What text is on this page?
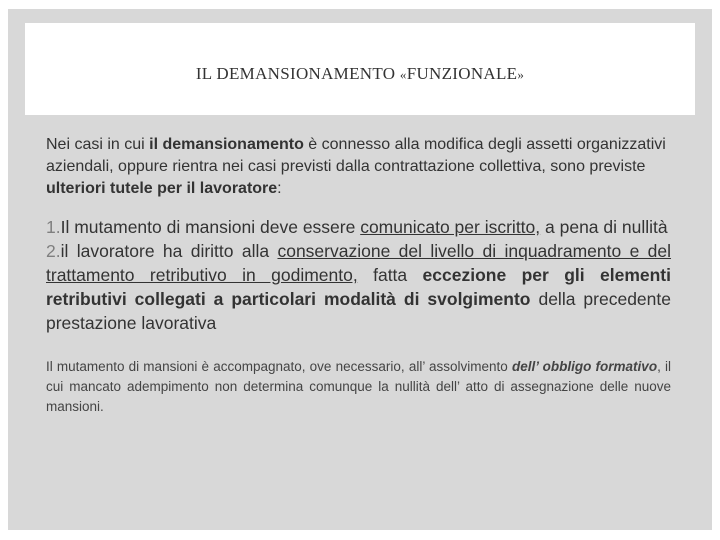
IL DEMANSIONAMENTO «FUNZIONALE»

Nei casi in cui il demansionamento è connesso alla modifica degli assetti organizzativi aziendali, oppure rientra nei casi previsti dalla contrattazione collettiva, sono previste ulteriori tutele per il lavoratore:

1.Il mutamento di mansioni deve essere comunicato per iscritto, a pena di nullità

2.il lavoratore ha diritto alla conservazione del livello di inquadramento e del trattamento retributivo in godimento, fatta eccezione per gli elementi retributivi collegati a particolari modalità di svolgimento della precedente prestazione lavorativa

Il mutamento di mansioni è accompagnato, ove necessario, all’ assolvimento dell’ obbligo formativo, il cui mancato adempimento non determina comunque la nullità dell’ atto di assegnazione delle nuove mansioni.
